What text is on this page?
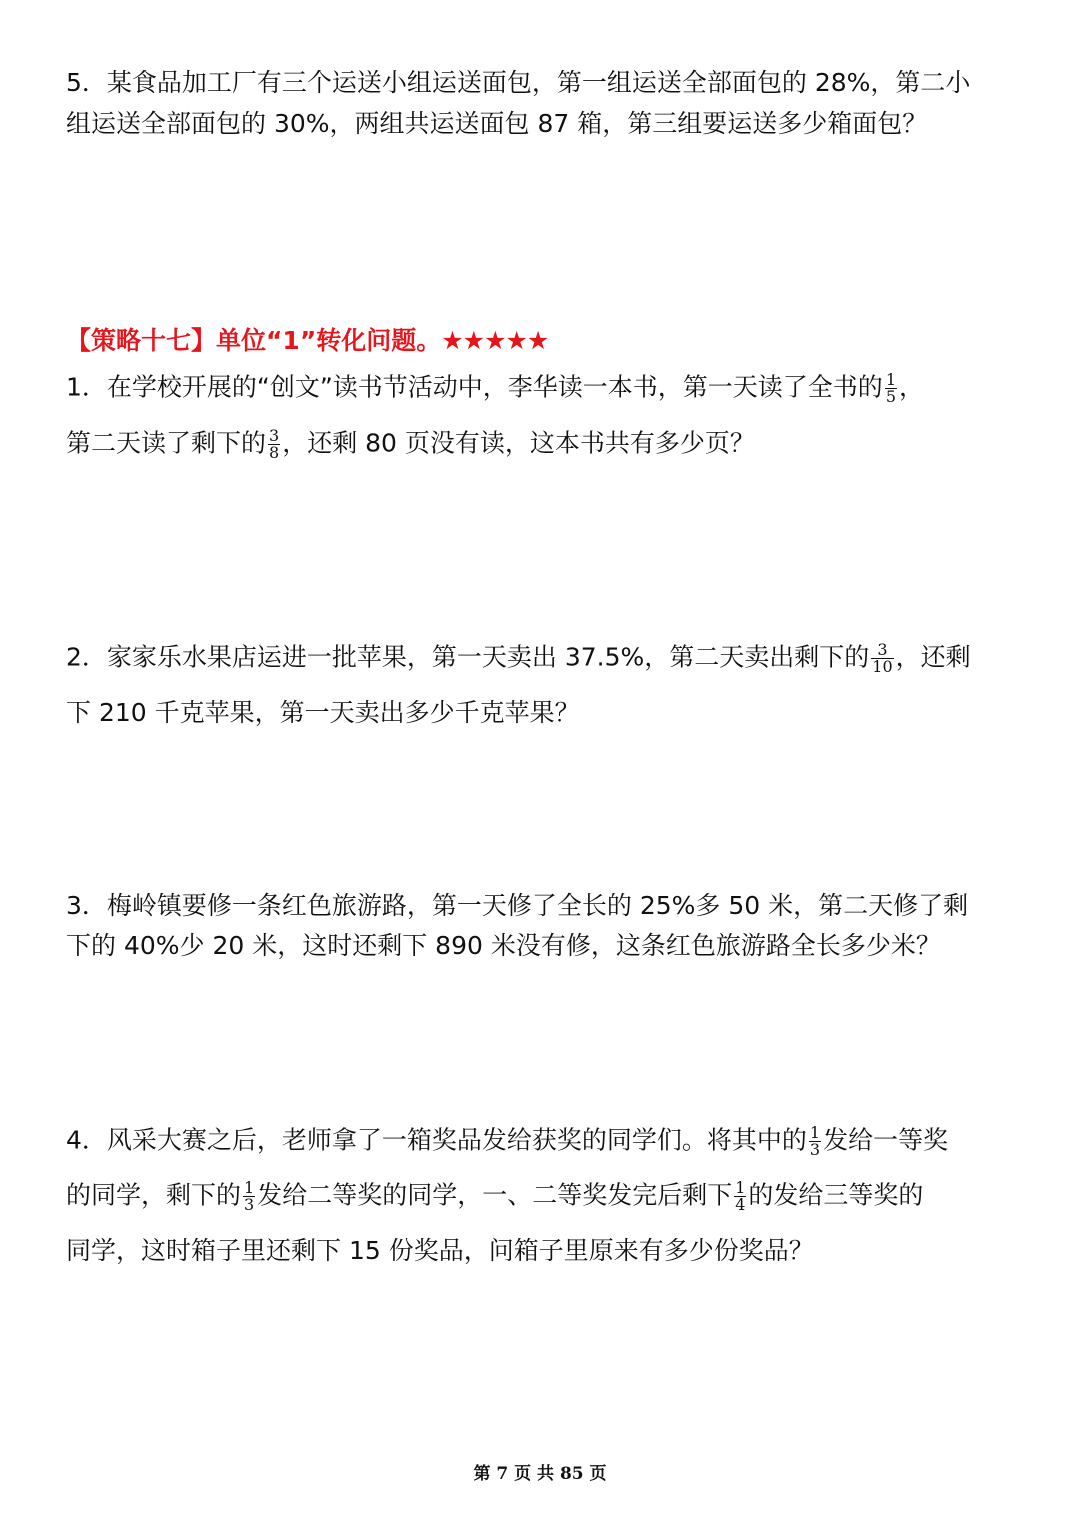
5．某食品加工厂有三个运送小组运送面包，第一组运送全部面包的 28%，第二小
组运送全部面包的 30%，两组共运送面包 87 箱，第三组要运送多少箱面包？
【策略十七】单位“1”转化问题。★★★★★
1．在学校开展的“创文”读书节活动中，李华读一本书，第一天读了全书的 $\frac{1}{5}$ ，
第二天读了剩下的 $\frac{3}{8}$ ，还剩 80 页没有读，这本书共有多少页？
2．家家乐水果店运进一批苹果，第一天卖出 37.5%，第二天卖出剩下的 $\frac{3}{10}$ ，还剩
下 210 千克苹果，第一天卖出多少千克苹果？
3．梅岭镇要修一条红色旅游路，第一天修了全长的 25%多 50 米，第二天修了剩
下的 40%少 20 米，这时还剩下 890 米没有修，这条红色旅游路全长多少米？
4．风采大赛之后，老师拿了一箱奖品发给获奖的同学们。将其中的 $\frac{1}{3}$ 发给一等奖
的同学，剩下的 $\frac{1}{3}$ 发给二等奖的同学，一、二等奖发完后剩下 $\frac{1}{4}$ 的发给三等奖的
同学，这时箱子里还剩下 15 份奖品，问箱子里原来有多少份奖品？
第 7 页 共 85 页
